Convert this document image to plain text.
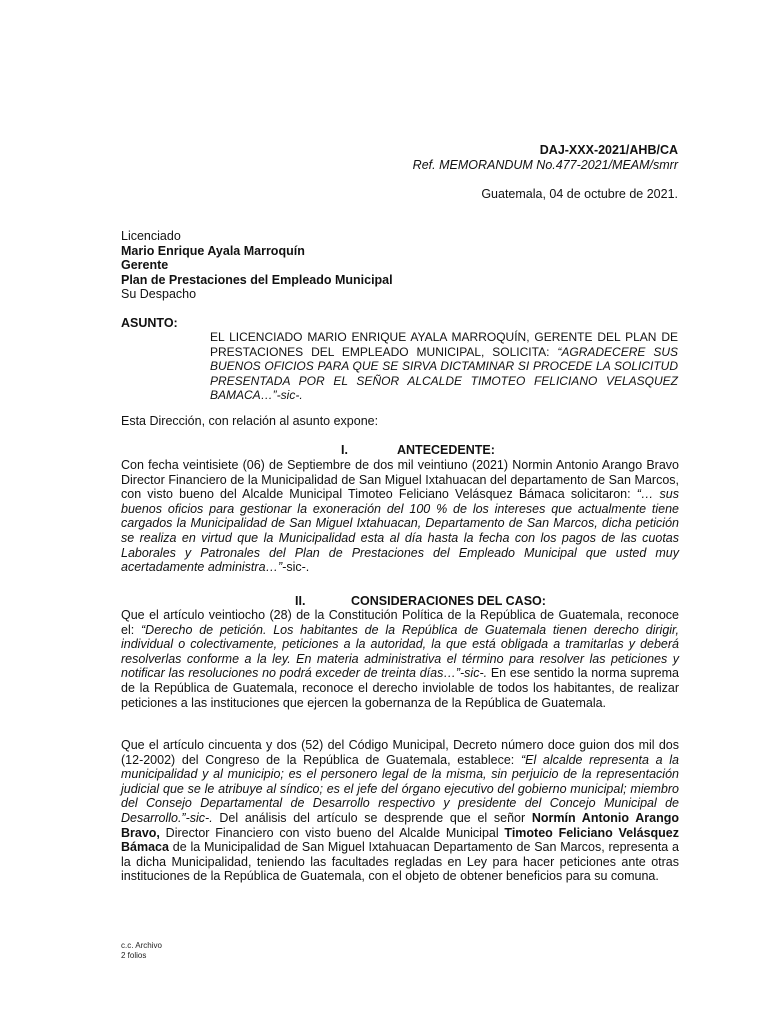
DAJ-XXX-2021/AHB/CA
Ref. MEMORANDUM No.477-2021/MEAM/smrr
Guatemala, 04 de octubre de 2021.
Licenciado
Mario Enrique Ayala Marroquín
Gerente
Plan de Prestaciones del Empleado Municipal
Su Despacho
ASUNTO:
EL LICENCIADO MARIO ENRIQUE AYALA MARROQUÍN, GERENTE DEL PLAN DE PRESTACIONES DEL EMPLEADO MUNICIPAL, SOLICITA: “AGRADECERE SUS BUENOS OFICIOS PARA QUE SE SIRVA DICTAMINAR SI PROCEDE LA SOLICITUD PRESENTADA POR EL SEÑOR ALCALDE TIMOTEO FELICIANO VELASQUEZ BAMACA…”-sic-.
Esta Dirección, con relación al asunto expone:
I.	ANTECEDENTE:
Con fecha veintisiete (06) de Septiembre de dos mil veintiuno (2021) Normin Antonio Arango Bravo Director Financiero de la Municipalidad de San Miguel Ixtahuacan del departamento de San Marcos, con visto bueno del Alcalde Municipal Timoteo Feliciano Velásquez Bámaca solicitaron: “… sus buenos oficios para gestionar la exoneración del 100 % de los intereses que actualmente tiene cargados la Municipalidad de San Miguel Ixtahuacan, Departamento de San Marcos, dicha petición se realiza en virtud que la Municipalidad esta al día hasta la fecha con los pagos de las cuotas Laborales y Patronales del Plan de Prestaciones del Empleado Municipal que usted muy acertadamente administra…”-sic-.
II.	CONSIDERACIONES DEL CASO:
Que el artículo veintiocho (28) de la Constitución Política de la República de Guatemala, reconoce el: “Derecho de petición. Los habitantes de la República de Guatemala tienen derecho dirigir, individual o colectivamente, peticiones a la autoridad, la que está obligada a tramitarlas y deberá resolverlas conforme a la ley. En materia administrativa el término para resolver las peticiones y notificar las resoluciones no podrá exceder de treinta días…”-sic-. En ese sentido la norma suprema de la República de Guatemala, reconoce el derecho inviolable de todos los habitantes, de realizar peticiones a las instituciones que ejercen la gobernanza de la República de Guatemala.
Que el artículo cincuenta y dos (52) del Código Municipal, Decreto número doce guion dos mil dos (12-2002) del Congreso de la República de Guatemala, establece: “El alcalde representa a la municipalidad y al municipio; es el personero legal de la misma, sin perjuicio de la representación judicial que se le atribuye al síndico; es el jefe del órgano ejecutivo del gobierno municipal; miembro del Consejo Departamental de Desarrollo respectivo y presidente del Concejo Municipal de Desarrollo.”-sic-. Del análisis del artículo se desprende que el señor Normín Antonio Arango Bravo, Director Financiero con visto bueno del Alcalde Municipal Timoteo Feliciano Velásquez Bámaca de la Municipalidad de San Miguel Ixtahuacan Departamento de San Marcos, representa a la dicha Municipalidad, teniendo las facultades regladas en Ley para hacer peticiones ante otras instituciones de la República de Guatemala, con el objeto de obtener beneficios para su comuna.
c.c. Archivo
2 folios
